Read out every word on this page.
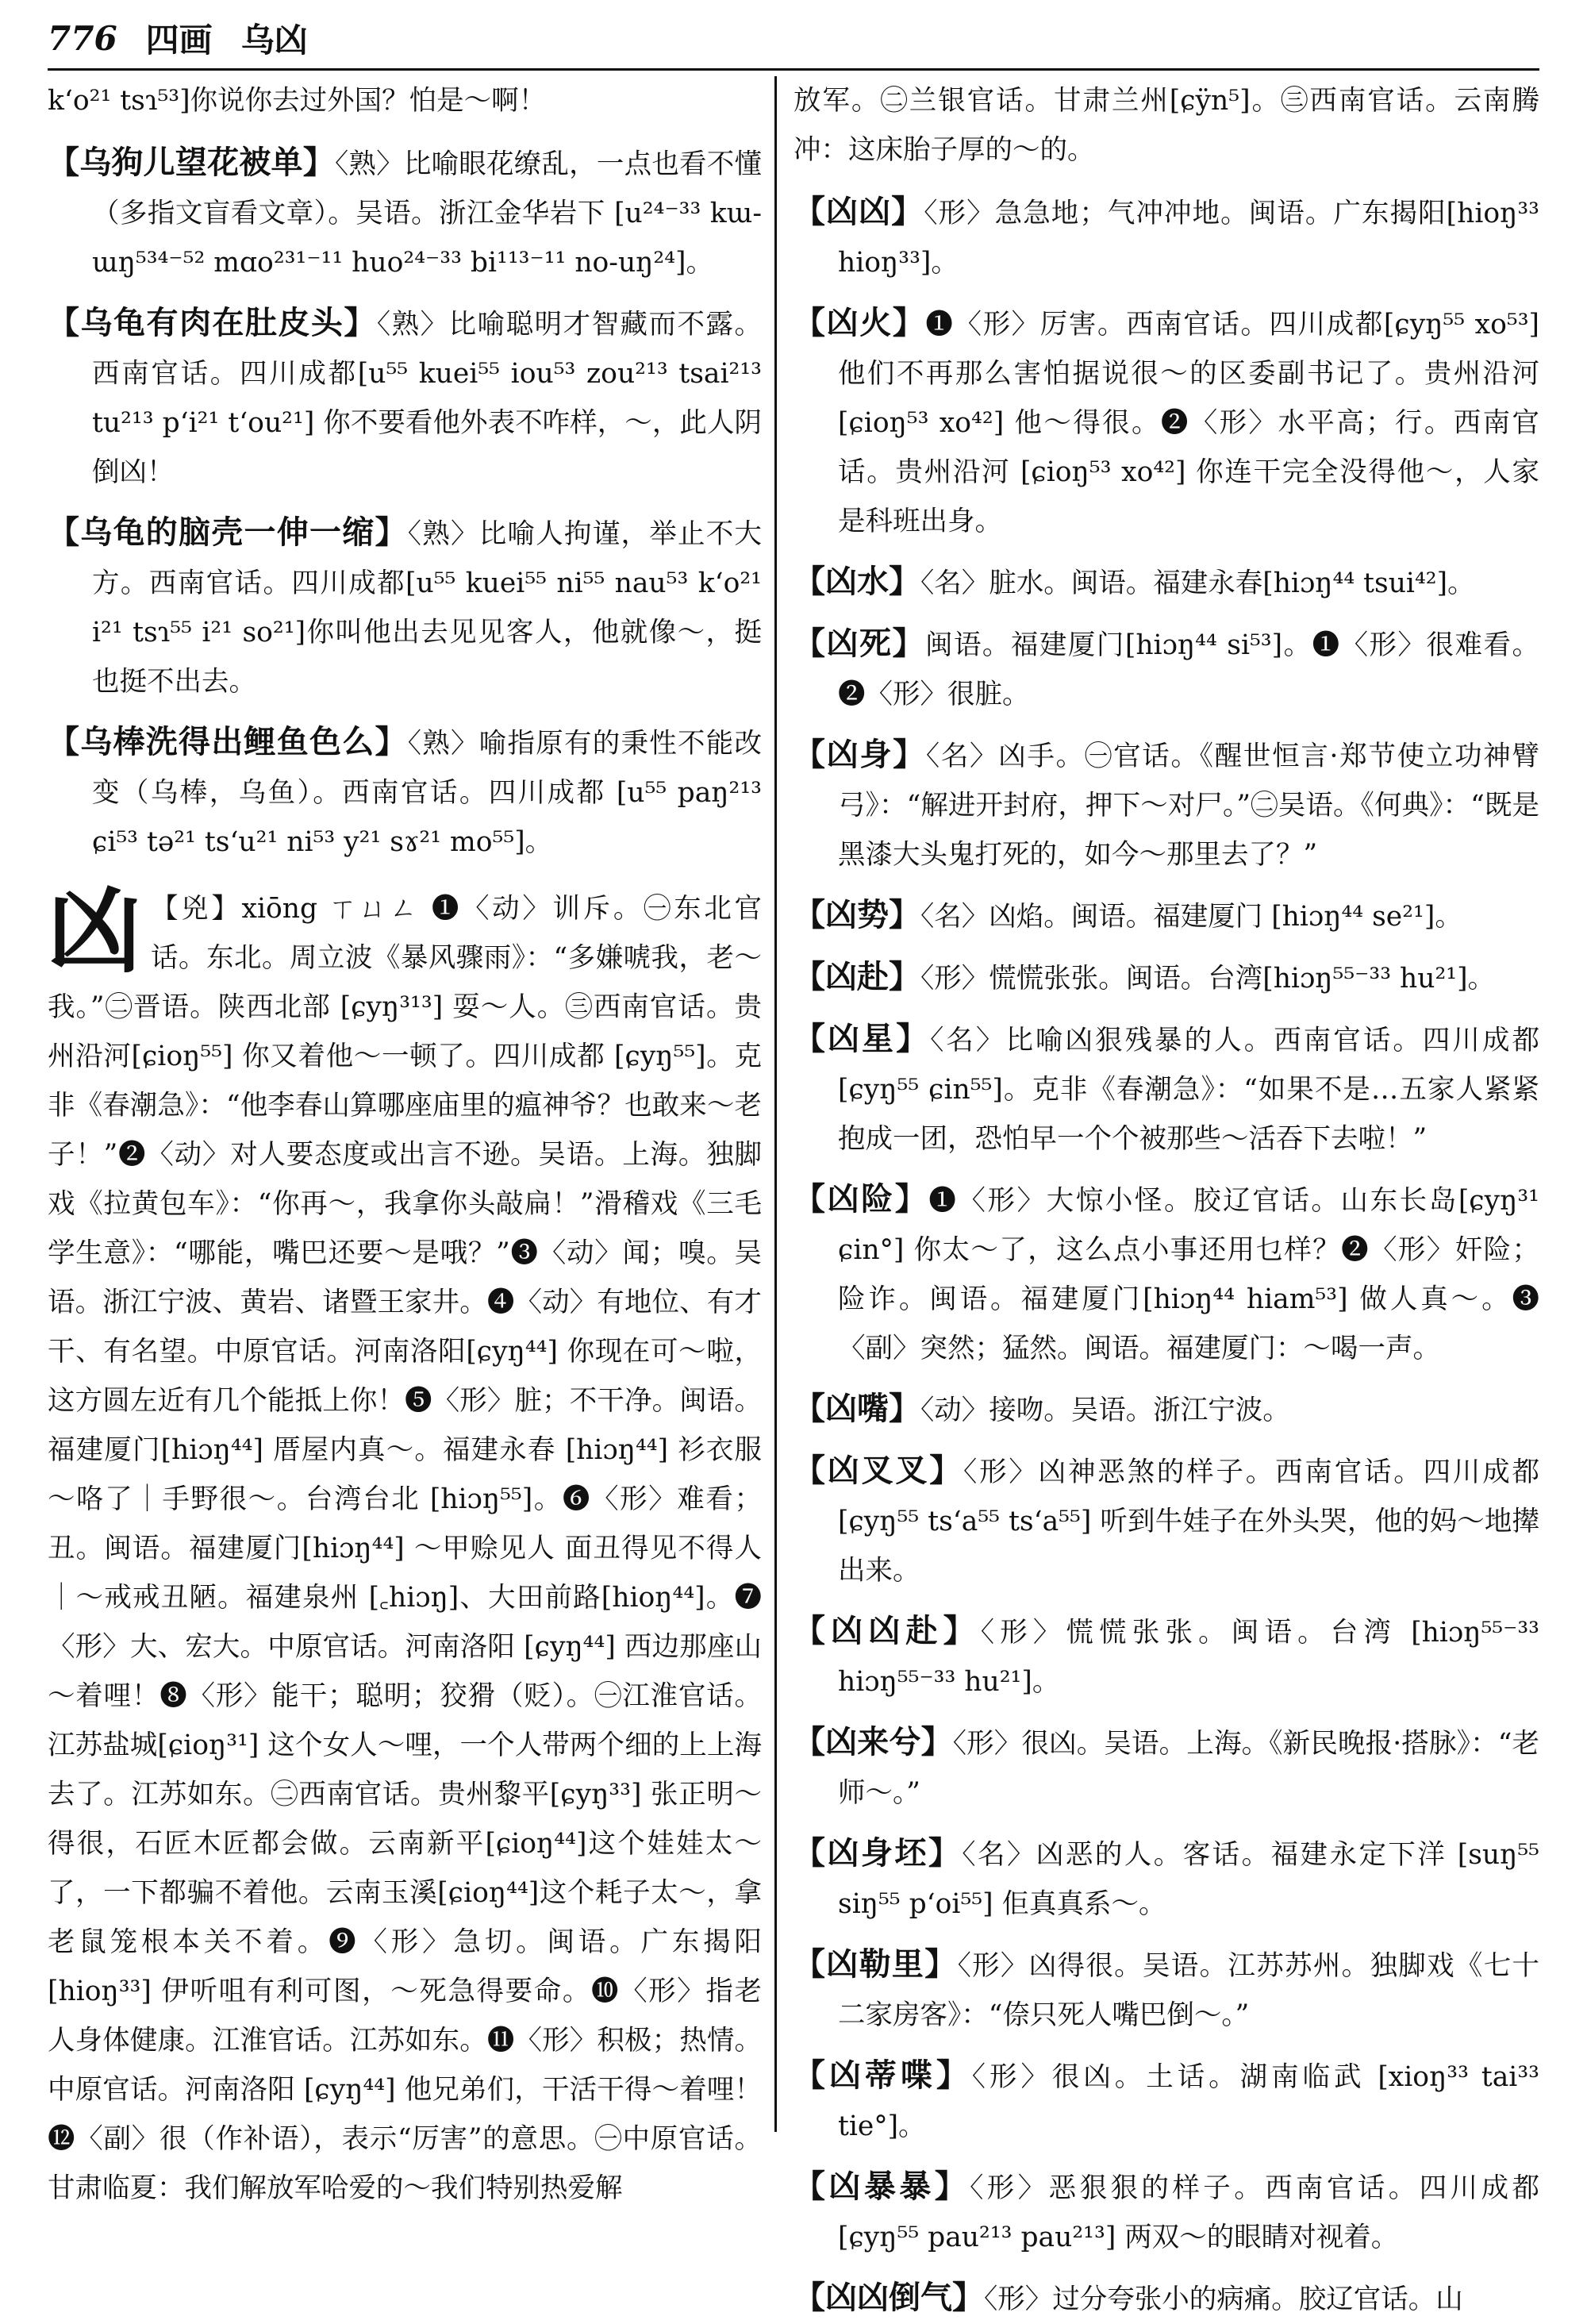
776 四画 乌凶
k‘o²¹ tsɿ⁵³]你说你去过外国？怕是～啊！
【乌狗儿望花被单】〈熟〉比喻眼花缭乱，一点也看不懂（多指文盲看文章）。吴语。浙江金华岩下 [u²⁴⁻³³ kɯ-ɯŋ⁵³⁴⁻⁵² mɑo²³¹⁻¹¹ huo²⁴⁻³³ bi¹¹³⁻¹¹ no-uŋ²⁴]。
【乌龟有肉在肚皮头】〈熟〉比喻聪明才智藏而不露。西南官话。四川成都[u⁵⁵ kuei⁵⁵ iou⁵³ zou²¹³ tsai²¹³ tu²¹³ p‘i²¹ t‘ou²¹] 你不要看他外表不咋样，～，此人阴倒凶！
【乌龟的脑壳一伸一缩】〈熟〉比喻人拘谨，举止不大方。西南官话。四川成都[u⁵⁵ kuei⁵⁵ ni⁵⁵ nau⁵³ k‘o²¹ i²¹ tsɿ⁵⁵ i²¹ so²¹]你叫他出去见见客人，他就像～，挺也挺不出去。
【乌棒洗得出鲤鱼色么】〈熟〉喻指原有的秉性不能改变（乌棒，乌鱼）。西南官话。四川成都 [u⁵⁵ paŋ²¹³ ɕi⁵³ tə²¹ ts‘u²¹ ni⁵³ y²¹ sɤ²¹ mo⁵⁵]。
凶 【兇】xiōng ㄒㄩㄥ ❶〈动〉训斥。㊀东北官话。东北。周立波《暴风骤雨》：“多嫌唬我，老～我。”㊁晋语。陕西北部 [ɕyŋ³¹³] 耍～人。㊂西南官话。贵州沿河[ɕioŋ⁵⁵] 你又着他～一顿了。四川成都 [ɕyŋ⁵⁵]。克非《春潮急》：“他李春山算哪座庙里的瘟神爷？也敢来～老子！”❷〈动〉对人要态度或出言不逊。吴语。上海。独脚戏《拉黄包车》：“你再～，我拿你头敲扁！”滑稽戏《三毛学生意》：“哪能，嘴巴还要～是哦？”❸〈动〉闻；嗅。吴语。浙江宁波、黄岩、诸暨王家井。❹〈动〉有地位、有才干、有名望。中原官话。河南洛阳[ɕyŋ⁴⁴] 你现在可～啦，这方圆左近有几个能抵上你！❺〈形〉脏；不干净。闽语。福建厦门[hiɔŋ⁴⁴] 厝屋内真～。福建永春 [hiɔŋ⁴⁴] 衫衣服～咯了｜手野很～。台湾台北 [hiɔŋ⁵⁵]。❻〈形〉难看；丑。闽语。福建厦门[hiɔŋ⁴⁴] ～甲赊见人 面丑得见不得人｜～戒戒丑陋。福建泉州 [꜀hiɔŋ]、大田前路[hioŋ⁴⁴]。❼〈形〉大、宏大。中原官话。河南洛阳 [ɕyŋ⁴⁴] 西边那座山～着哩！❽〈形〉能干；聪明；狡猾（贬）。㊀江淮官话。江苏盐城[ɕioŋ³¹] 这个女人～哩，一个人带两个细的上上海去了。江苏如东。㊁西南官话。贵州黎平[ɕyŋ³³] 张正明～得很，石匠木匠都会做。云南新平[ɕioŋ⁴⁴]这个娃娃太～了，一下都骗不着他。云南玉溪[ɕioŋ⁴⁴]这个耗子太～，拿老鼠笼根本关不着。❾〈形〉急切。闽语。广东揭阳[hioŋ³³] 伊听咀有利可图，～死急得要命。❿〈形〉指老人身体健康。江淮官话。江苏如东。⓫〈形〉积极；热情。中原官话。河南洛阳 [ɕyŋ⁴⁴] 他兄弟们，干活干得～着哩！⓬〈副〉很（作补语），表示“厉害”的意思。㊀中原官话。甘肃临夏：我们解放军哈爱的～我们特别热爱解
放军。㊁兰银官话。甘肃兰州[ɕÿn⁵]。㊂西南官话。云南腾冲：这床胎子厚的～的。
【凶凶】〈形〉急急地；气冲冲地。闽语。广东揭阳[hioŋ³³ hioŋ³³]。
【凶火】❶〈形〉厉害。西南官话。四川成都[ɕyŋ⁵⁵ xo⁵³] 他们不再那么害怕据说很～的区委副书记了。贵州沿河 [ɕioŋ⁵³ xo⁴²] 他～得很。❷〈形〉水平高；行。西南官话。贵州沿河 [ɕioŋ⁵³ xo⁴²] 你连干完全没得他～，人家是科班出身。
【凶水】〈名〉脏水。闽语。福建永春[hiɔŋ⁴⁴ tsui⁴²]。
【凶死】闽语。福建厦门[hiɔŋ⁴⁴ si⁵³]。❶〈形〉很难看。❷〈形〉很脏。
【凶身】〈名〉凶手。㊀官话。《醒世恒言·郑节使立功神臂弓》：“解进开封府，押下～对尸。”㊁吴语。《何典》：“既是黑漆大头鬼打死的，如今～那里去了？”
【凶势】〈名〉凶焰。闽语。福建厦门 [hiɔŋ⁴⁴ se²¹]。
【凶赴】〈形〉慌慌张张。闽语。台湾[hiɔŋ⁵⁵⁻³³ hu²¹]。
【凶星】〈名〉比喻凶狠残暴的人。西南官话。四川成都 [ɕyŋ⁵⁵ ɕin⁵⁵]。克非《春潮急》：“如果不是…五家人紧紧抱成一团，恐怕早一个个被那些～活吞下去啦！”
【凶险】❶〈形〉大惊小怪。胶辽官话。山东长岛[ɕyŋ³¹ ɕin°] 你太～了，这么点小事还用乜样？❷〈形〉奸险；险诈。闽语。福建厦门[hiɔŋ⁴⁴ hiam⁵³] 做人真～。❸〈副〉突然；猛然。闽语。福建厦门：～喝一声。
【凶嘴】〈动〉接吻。吴语。浙江宁波。
【凶叉叉】〈形〉凶神恶煞的样子。西南官话。四川成都 [ɕyŋ⁵⁵ ts‘a⁵⁵ ts‘a⁵⁵] 听到牛娃子在外头哭，他的妈～地撵出来。
【凶凶赴】〈形〉慌慌张张。闽语。台湾 [hiɔŋ⁵⁵⁻³³ hiɔŋ⁵⁵⁻³³ hu²¹]。
【凶来兮】〈形〉很凶。吴语。上海。《新民晚报·搭脉》：“老师～。”
【凶身坯】〈名〉凶恶的人。客话。福建永定下洋 [suŋ⁵⁵ siŋ⁵⁵ p‘oi⁵⁵] 佢真真系～。
【凶勒里】〈形〉凶得很。吴语。江苏苏州。独脚戏《七十二家房客》：“倷只死人嘴巴倒～。”
【凶蒂喋】〈形〉很凶。土话。湖南临武 [xioŋ³³ tai³³ tie°]。
【凶暴暴】〈形〉恶狠狠的样子。西南官话。四川成都 [ɕyŋ⁵⁵ pau²¹³ pau²¹³] 两双～的眼睛对视着。
【凶凶倒气】〈形〉过分夸张小的病痛。胶辽官话。山
